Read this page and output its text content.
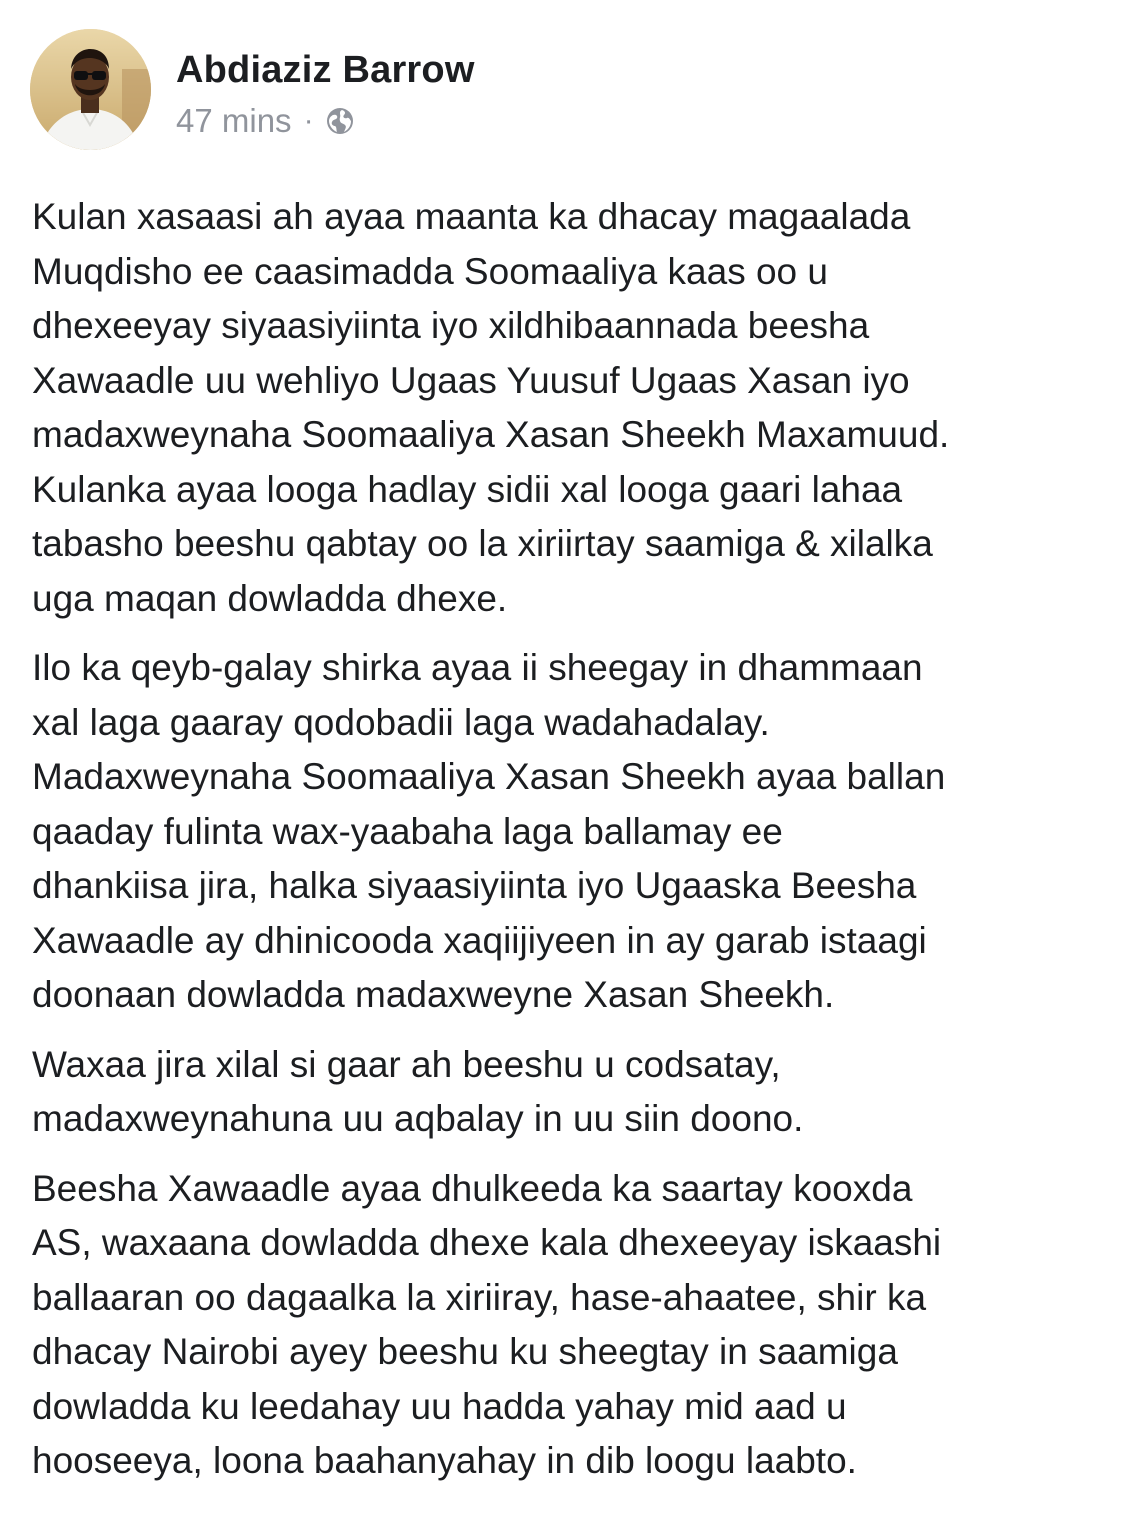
Abdiaziz Barrow
47 mins ·

Kulan xasaasi ah ayaa maanta ka dhacay magaalada
Muqdisho ee caasimadda Soomaaliya kaas oo u
dhexeeyay siyaasiyiinta iyo xildhibaannada beesha
Xawaadle uu wehliyo Ugaas Yuusuf Ugaas Xasan iyo
madaxweynaha Soomaaliya Xasan Sheekh Maxamuud.
Kulanka ayaa looga hadlay sidii xal looga gaari lahaa
tabasho beeshu qabtay oo la xiriirtay saamiga & xilalka
uga maqan dowladda dhexe.

Ilo ka qeyb-galay shirka ayaa ii sheegay in dhammaan
xal laga gaaray qodobadii laga wadahadalay.
Madaxweynaha Soomaaliya Xasan Sheekh ayaa ballan
qaaday fulinta wax-yaabaha laga ballamay ee
dhankiisa jira, halka siyaasiyiinta iyo Ugaaska Beesha
Xawaadle ay dhinicooda xaqiijiyeen in ay garab istaagi
doonaan dowladda madaxweyne Xasan Sheekh.

Waxaa jira xilal si gaar ah beeshu u codsatay,
madaxweynahuna uu aqbalay in uu siin doono.

Beesha Xawaadle ayaa dhulkeeda ka saartay kooxda
AS, waxaana dowladda dhexe kala dhexeeyay iskaashi
ballaaran oo dagaalka la xiriiray, hase-ahaatee, shir ka
dhacay Nairobi ayey beeshu ku sheegtay in saamiga
dowladda ku leedahay uu hadda yahay mid aad u
hooseeya, loona baahanyahay in dib loogu laabto.
